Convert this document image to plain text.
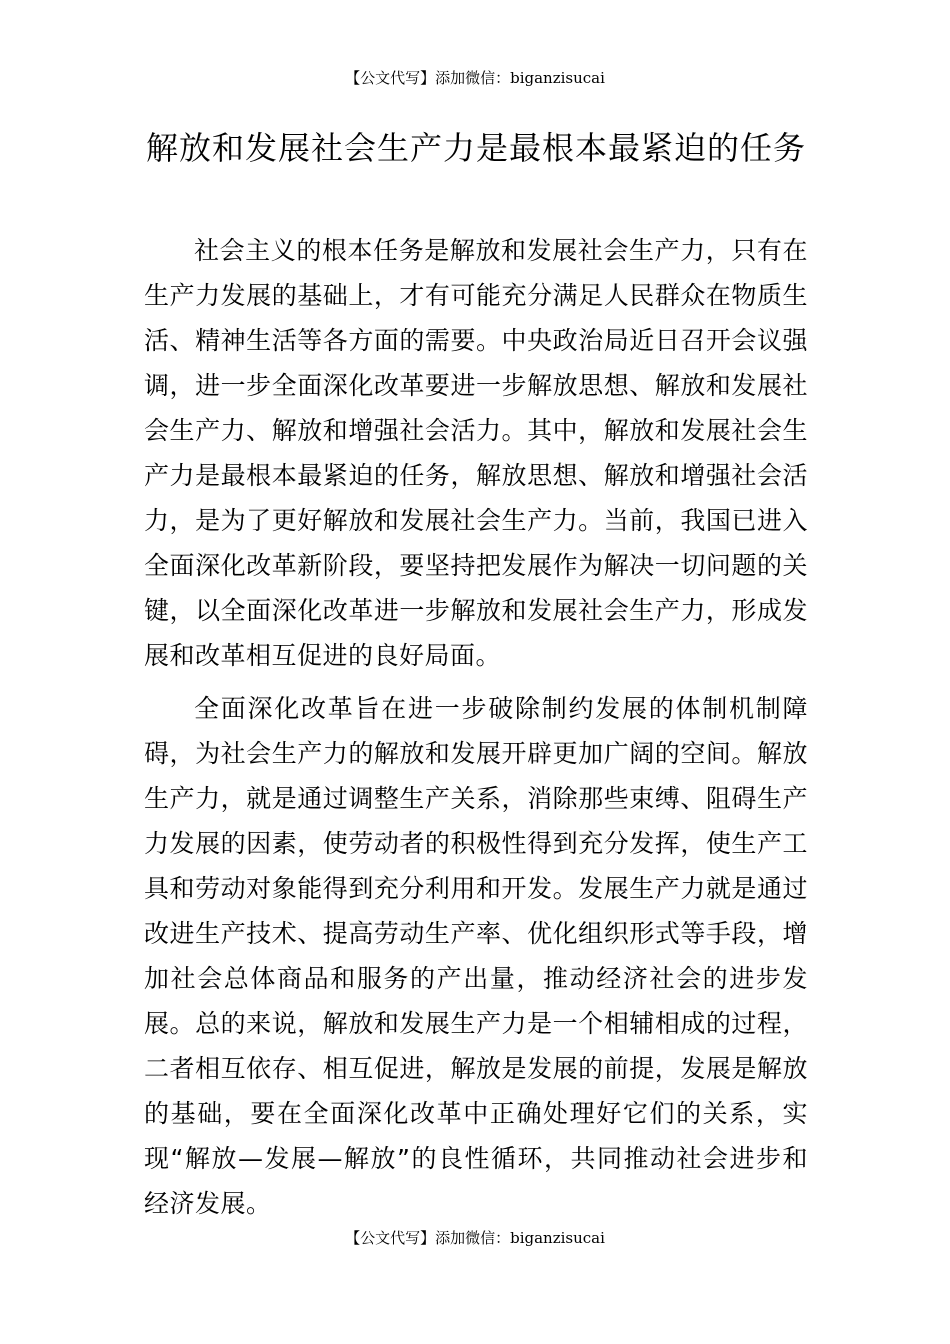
【公文代写】添加微信：biganzisucai
解放和发展社会生产力是最根本最紧迫的任务

社会主义的根本任务是解放和发展社会生产力，只有在生产力发展的基础上，才有可能充分满足人民群众在物质生活、精神生活等各方面的需要。中央政治局近日召开会议强调，进一步全面深化改革要进一步解放思想、解放和发展社会生产力、解放和增强社会活力。其中，解放和发展社会生产力是最根本最紧迫的任务，解放思想、解放和增强社会活力，是为了更好解放和发展社会生产力。当前，我国已进入全面深化改革新阶段，要坚持把发展作为解决一切问题的关键，以全面深化改革进一步解放和发展社会生产力，形成发展和改革相互促进的良好局面。

全面深化改革旨在进一步破除制约发展的体制机制障碍，为社会生产力的解放和发展开辟更加广阔的空间。解放生产力，就是通过调整生产关系，消除那些束缚、阻碍生产力发展的因素，使劳动者的积极性得到充分发挥，使生产工具和劳动对象能得到充分利用和开发。发展生产力就是通过改进生产技术、提高劳动生产率、优化组织形式等手段，增加社会总体商品和服务的产出量，推动经济社会的进步发展。总的来说，解放和发展生产力是一个相辅相成的过程，二者相互依存、相互促进，解放是发展的前提，发展是解放的基础，要在全面深化改革中正确处理好它们的关系，实现“解放—发展—解放”的良性循环，共同推动社会进步和经济发展。

【公文代写】添加微信：biganzisucai
